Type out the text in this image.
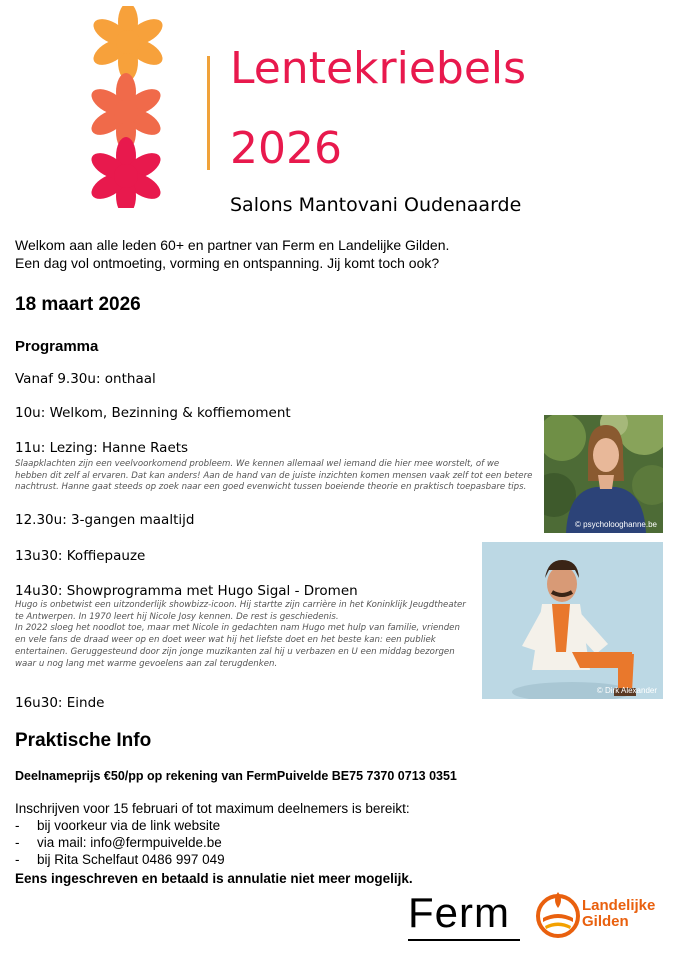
Lentekriebels
2026
Salons Mantovani Oudenaarde
Welkom aan alle leden 60+ en partner van Ferm en Landelijke Gilden.
Een dag vol ontmoeting, vorming en ontspanning. Jij komt toch ook?
18 maart 2026
Programma
Vanaf 9.30u: onthaal
10u: Welkom, Bezinning & koffiemoment
11u: Lezing: Hanne Raets
Slaapklachten zijn een veelvoorkomend probleem. We kennen allemaal wel iemand die hier mee worstelt, of we
hebben dit zelf al ervaren. Dat kan anders! Aan de hand van de juiste inzichten komen mensen vaak zelf tot een betere
nachtrust. Hanne gaat steeds op zoek naar een goed evenwicht tussen boeiende theorie en praktisch toepasbare tips.
© psycholooghanne.be
12.30u: 3-gangen maaltijd
13u30: Koffiepauze
14u30: Showprogramma met Hugo Sigal - Dromen
Hugo is onbetwist een uitzonderlijk showbizz-icoon. Hij startte zijn carrière in het Koninklijk Jeugdtheater
te Antwerpen. In 1970 leert hij Nicole Josy kennen. De rest is geschiedenis.
In 2022 sloeg het noodlot toe, maar met Nicole in gedachten nam Hugo met hulp van familie, vrienden
en vele fans de draad weer op en doet weer wat hij het liefste doet en het beste kan: een publiek
entertainen. Geruggesteund door zijn jonge muzikanten zal hij u verbazen en U een middag bezorgen
waar u nog lang met warme gevoelens aan zal terugdenken.
© Dirk Alexander
16u30: Einde
Praktische Info
Deelnameprijs €50/pp op rekening van FermPuivelde BE75 7370 0713 0351
Inschrijven voor 15 februari of tot maximum deelnemers is bereikt:
- bij voorkeur via de link website
- via mail: info@fermpuivelde.be
- bij Rita Schelfaut 0486 997 049
Eens ingeschreven en betaald is annulatie niet meer mogelijk.
Ferm	Landelijke
Gilden
